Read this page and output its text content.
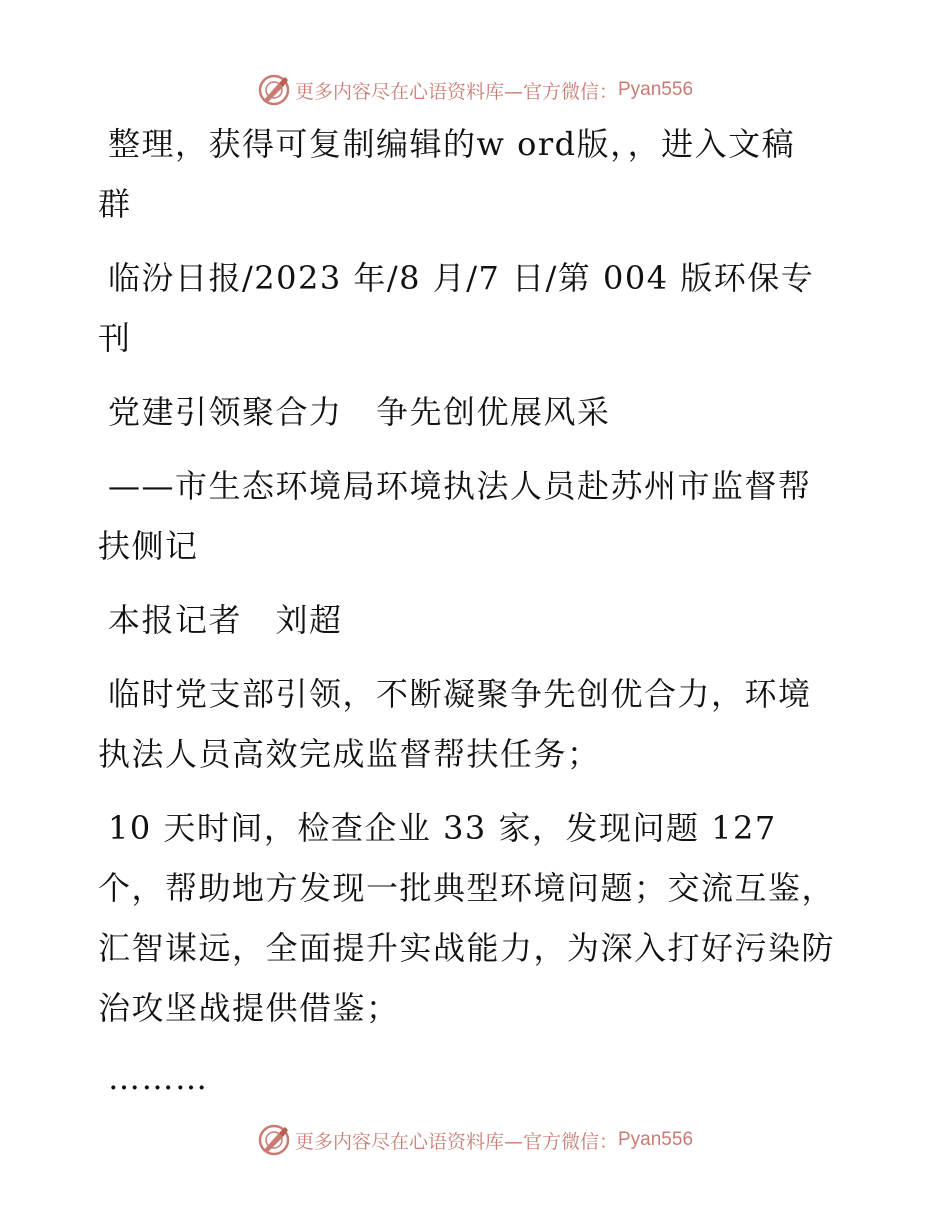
更多内容尽在心语资料库—官方微信： Pyan556
整理，获得可复制编辑的w ord版，，进入文稿
群
临汾日报/2023 年/8 月/7 日/第 004 版环保专
刊
党建引领聚合力　争先创优展风采
——市生态环境局环境执法人员赴苏州市监督帮
扶侧记
本报记者　刘超
临时党支部引领，不断凝聚争先创优合力，环境
执法人员高效完成监督帮扶任务；
10 天时间，检查企业 33 家，发现问题 127
个，帮助地方发现一批典型环境问题；交流互鉴，
汇智谋远，全面提升实战能力，为深入打好污染防
治攻坚战提供借鉴；
………
更多内容尽在心语资料库—官方微信： Pyan556
